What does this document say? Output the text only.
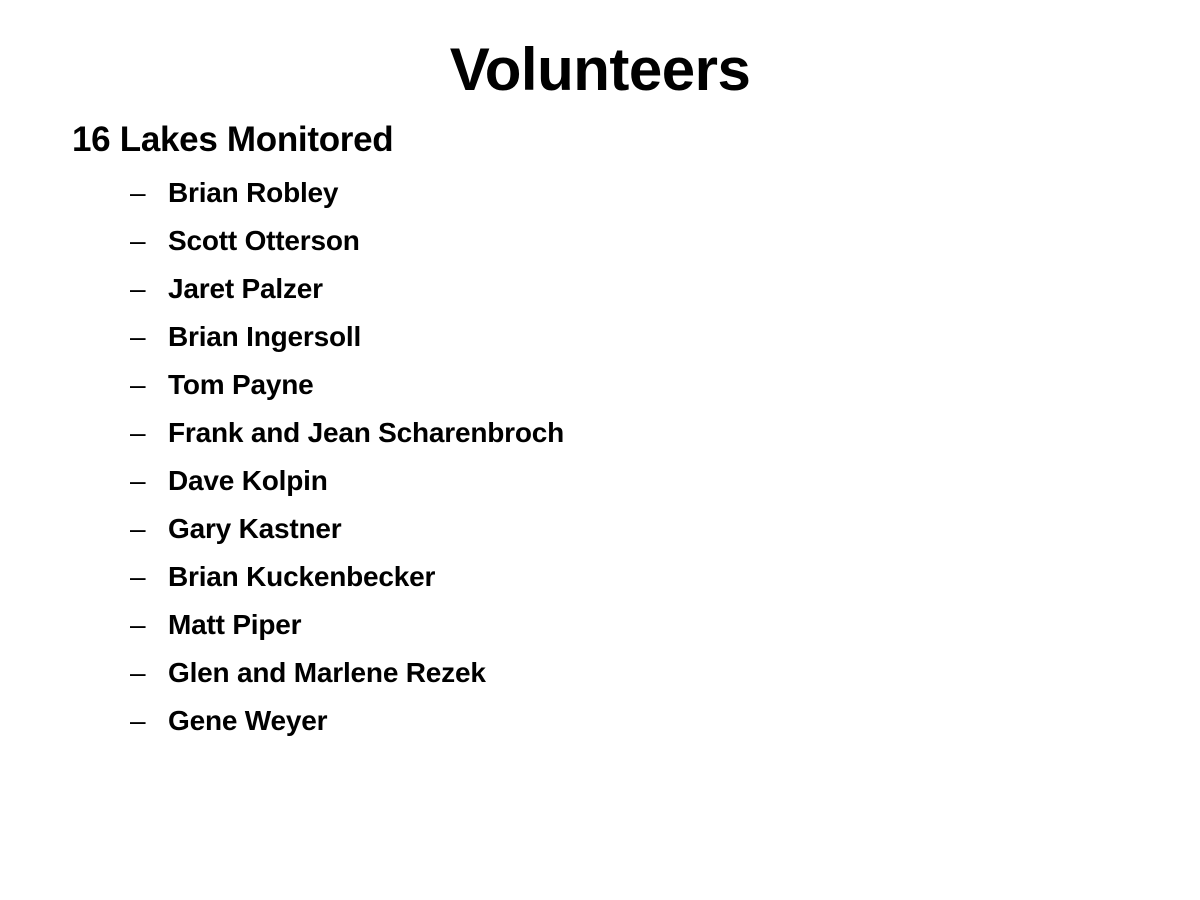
Volunteers
16 Lakes Monitored
– Brian Robley
– Scott Otterson
– Jaret Palzer
– Brian Ingersoll
– Tom Payne
– Frank and Jean Scharenbroch
– Dave Kolpin
– Gary Kastner
– Brian Kuckenbecker
– Matt Piper
– Glen and Marlene Rezek
– Gene Weyer
